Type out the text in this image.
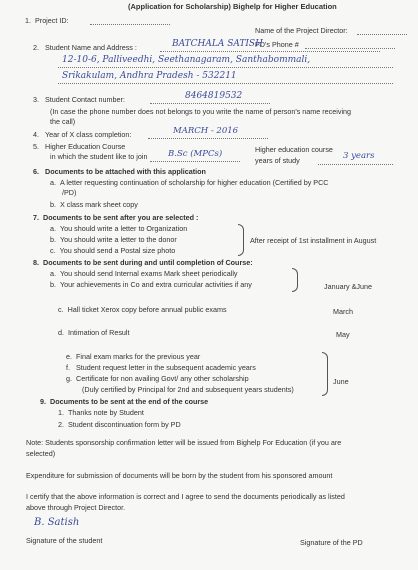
(Application for Scholarship) Bighelp for Higher Education
1.  Project ID:
Name of the Project Director:
PD's Phone #
2.   Student Name and Address :	BATCHALA SATISH
12-10-6, Palliveedhi, Seethanagaram, Santhabommali,
Srikakulam, Andhra Pradesh - 532211
3.   Student Contact number:	8464819532
(In case the phone number does not belongs to you write the name of person's name receiving
the call)
4.   Year of X class completion:	MARCH - 2016
5.   Higher Education Course
in which the student like to join B.Sc (MPCs)	Higher education course
years of study	3 years
6.   Documents to be attached with this application
a.  A letter requesting continuation of scholarship for higher education (Certified by PCC
/PD)
b.  X class mark sheet copy
7.  Documents to be sent after you are selected :
a.  You should write a letter to Organization
b.  You should write a letter to the donor
c.  You should send a Postal size photo
After receipt of 1st installment in August
8.  Documents to be sent during and until completion of Course:
a.  You should send Internal exams Mark sheet periodically
b.  Your achievements in Co and extra curricular activities if any	January &June
c.  Hall ticket Xerox copy before annual public exams	March
d.  Intimation of Result	May
e.  Final exam marks for the previous year
f.   Student request letter in the subsequent academic years
g.  Certificate for non availing Govt/ any other scholarship
(Duly certified by Principal for 2nd and subsequent years students)
June
9.  Documents to be sent at the end of the course
1.  Thanks note by Student
2.  Student discontinuation form by PD
Note: Students sponsorship confirmation letter will be issued from Bighelp For Education (if you are
selected)
Expenditure for submission of documents will be born by the student from his sponsored amount
I certify that the above information is correct and I agree to send the documents periodically as listed
above through Project Director.
B. Satish
Signature of the student	Signature of the PD
